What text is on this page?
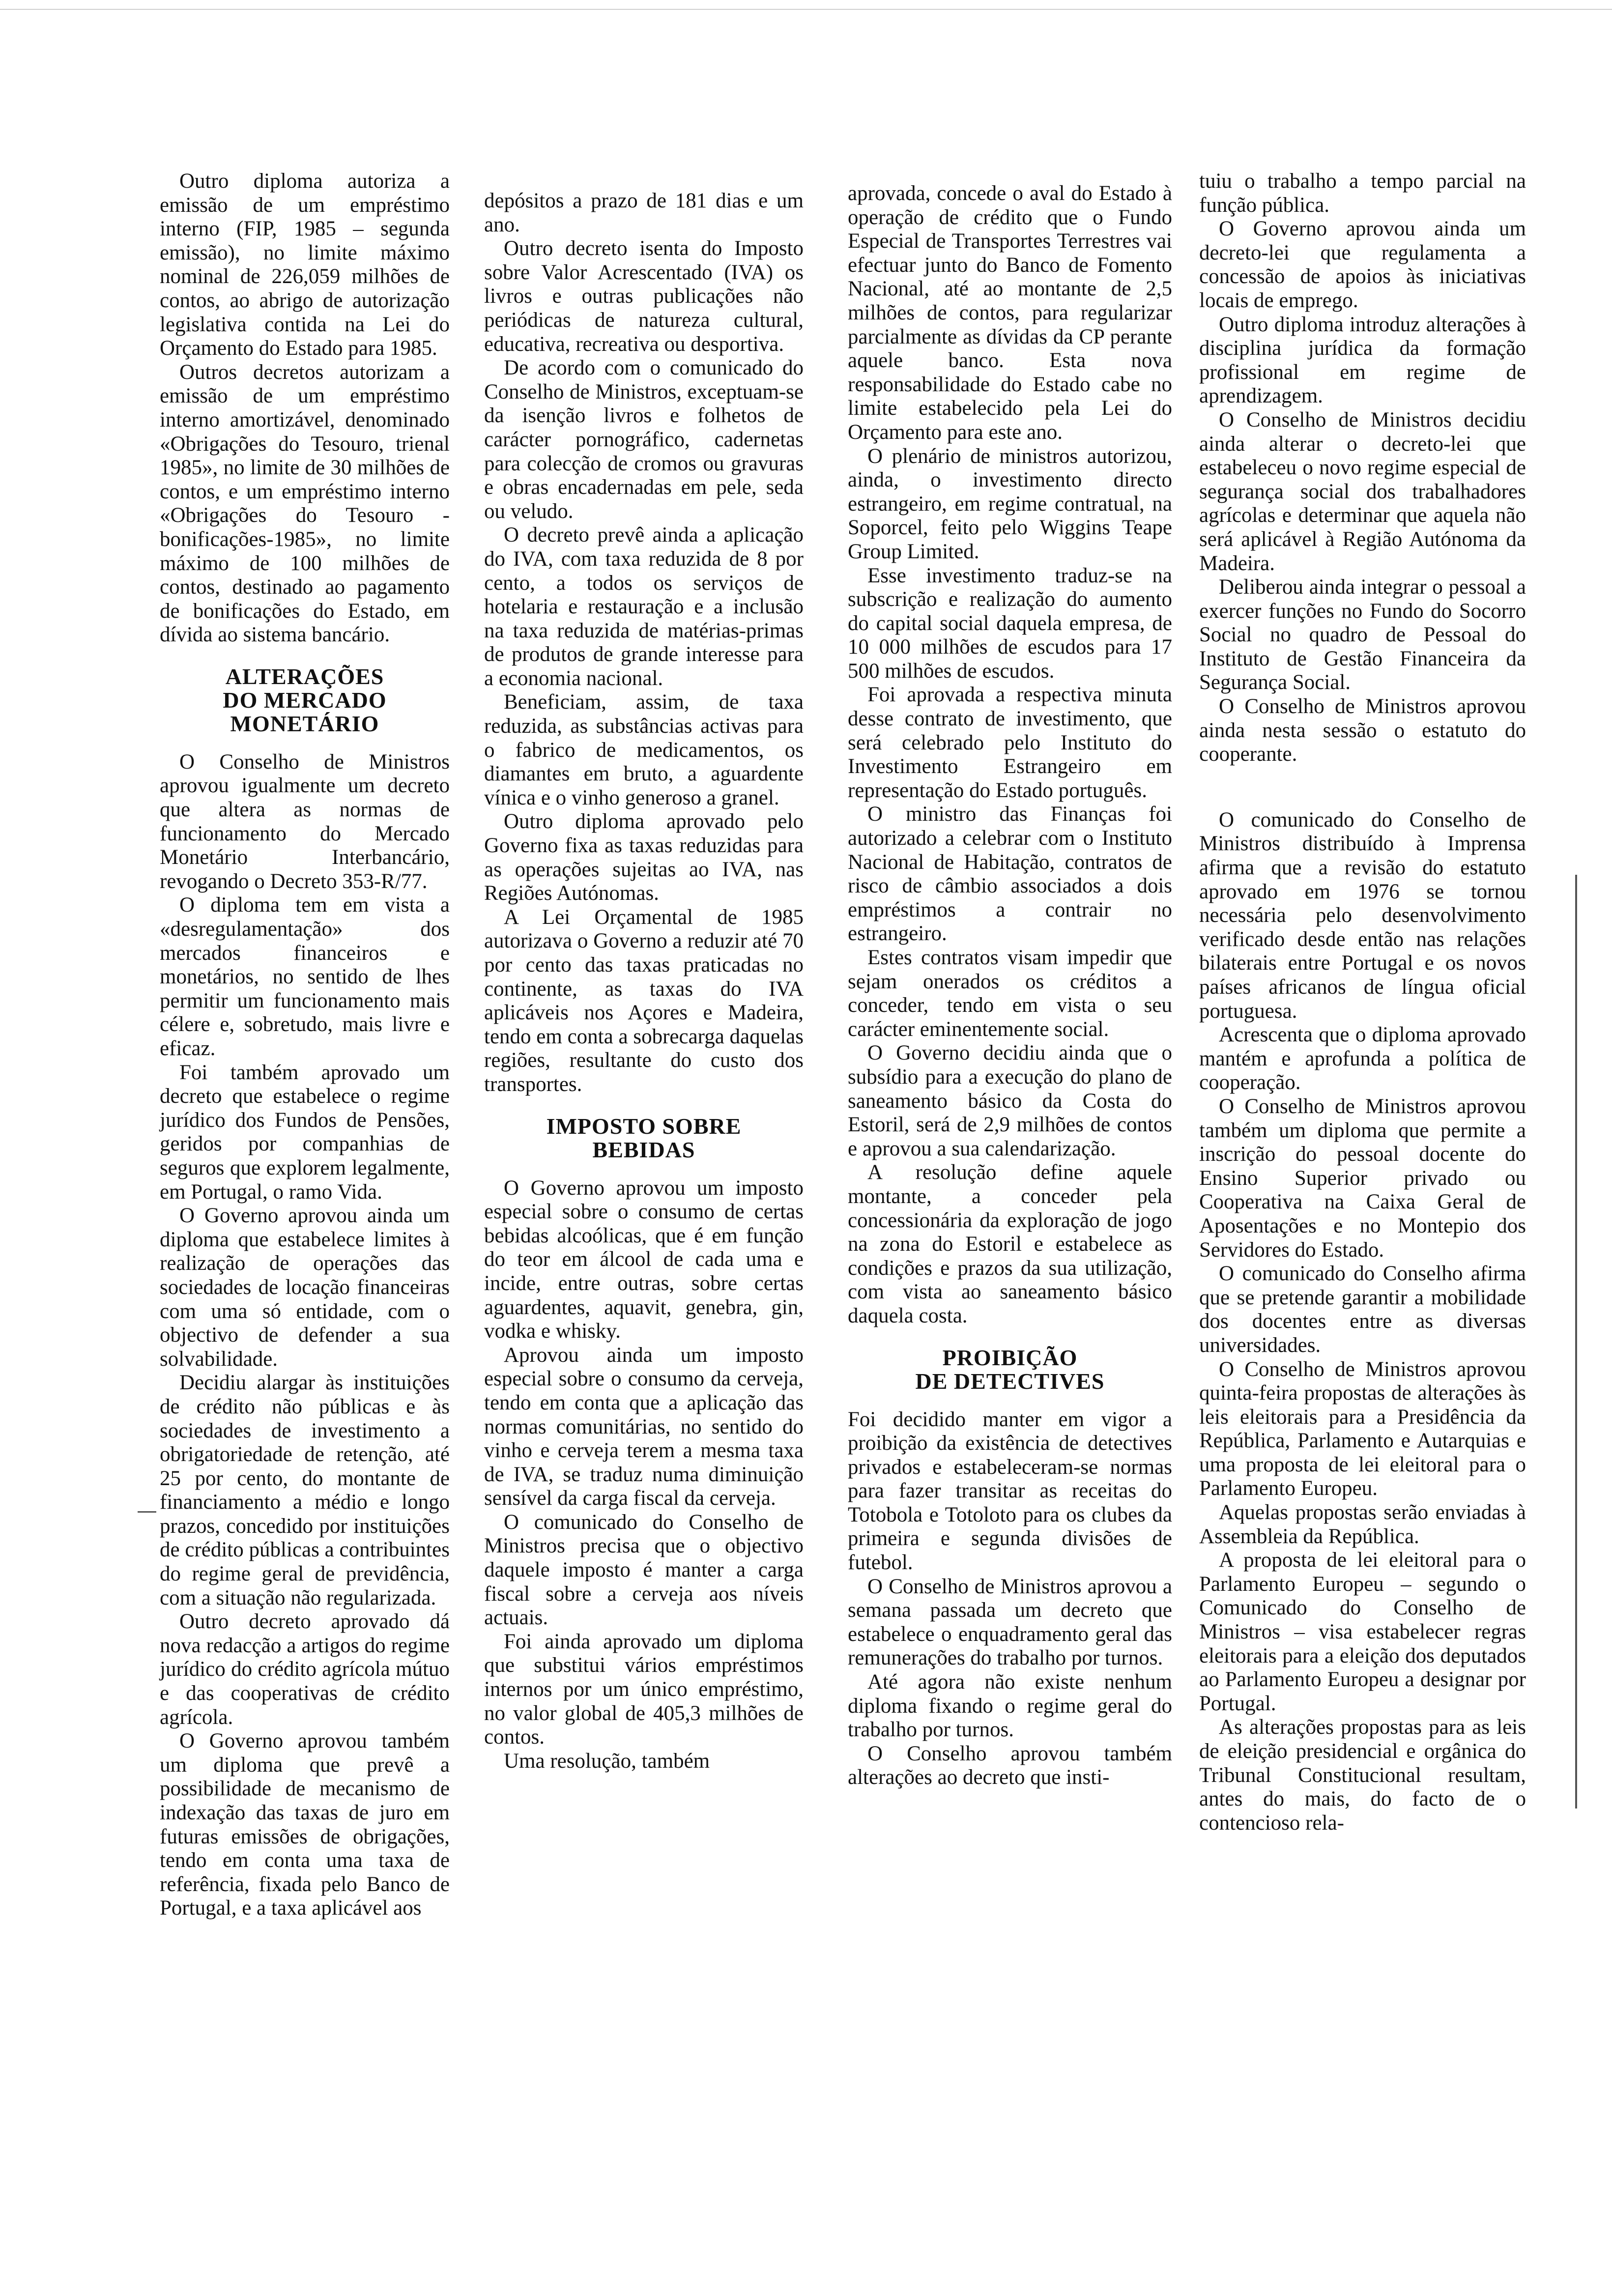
Outro diploma autoriza a emissão de um empréstimo interno (FIP, 1985 – segunda emissão), no limite máximo nominal de 226,059 milhões de contos, ao abrigo de autorização legislativa contida na Lei do Orçamento do Estado para 1985.

Outros decretos autorizam a emissão de um empréstimo interno amortizável, denominado «Obrigações do Tesouro, trienal 1985», no limite de 30 milhões de contos, e um empréstimo interno «Obrigações do Tesouro - bonificações-1985», no limite máximo de 100 milhões de contos, destinado ao pagamento de bonificações do Estado, em dívida ao sistema bancário.

ALTERAÇÕES
DO MERCADO
MONETÁRIO

O Conselho de Ministros aprovou igualmente um decreto que altera as normas de funcionamento do Mercado Monetário Interbancário, revogando o Decreto 353-R/77.

O diploma tem em vista a «desregulamentação» dos mercados financeiros e monetários, no sentido de lhes permitir um funcionamento mais célere e, sobretudo, mais livre e eficaz.

Foi também aprovado um decreto que estabelece o regime jurídico dos Fundos de Pensões, geridos por companhias de seguros que explorem legalmente, em Portugal, o ramo Vida.

O Governo aprovou ainda um diploma que estabelece limites à realização de operações das sociedades de locação financeiras com uma só entidade, com o objectivo de defender a sua solvabilidade.

Decidiu alargar às instituições de crédito não públicas e às sociedades de investimento a obrigatoriedade de retenção, até 25 por cento, do montante de financiamento a médio e longo prazos, concedido por instituições de crédito públicas a contribuintes do regime geral de previdência, com a situação não regularizada.

Outro decreto aprovado dá nova redacção a artigos do regime jurídico do crédito agrícola mútuo e das cooperativas de crédito agrícola.

O Governo aprovou também um diploma que prevê a possibilidade de mecanismo de indexação das taxas de juro em futuras emissões de obrigações, tendo em conta uma taxa de referência, fixada pelo Banco de Portugal, e a taxa aplicável aos

depósitos a prazo de 181 dias e um ano.

Outro decreto isenta do Imposto sobre Valor Acrescentado (IVA) os livros e outras publicações não periódicas de natureza cultural, educativa, recreativa ou desportiva.

De acordo com o comunicado do Conselho de Ministros, exceptuam-se da isenção livros e folhetos de carácter pornográfico, cadernetas para colecção de cromos ou gravuras e obras encadernadas em pele, seda ou veludo.

O decreto prevê ainda a aplicação do IVA, com taxa reduzida de 8 por cento, a todos os serviços de hotelaria e restauração e a inclusão na taxa reduzida de matérias-primas de produtos de grande interesse para a economia nacional.

Beneficiam, assim, de taxa reduzida, as substâncias activas para o fabrico de medicamentos, os diamantes em bruto, a aguardente vínica e o vinho generoso a granel.

Outro diploma aprovado pelo Governo fixa as taxas reduzidas para as operações sujeitas ao IVA, nas Regiões Autónomas.

A Lei Orçamental de 1985 autorizava o Governo a reduzir até 70 por cento das taxas praticadas no continente, as taxas do IVA aplicáveis nos Açores e Madeira, tendo em conta a sobrecarga daquelas regiões, resultante do custo dos transportes.

IMPOSTO SOBRE
BEBIDAS

O Governo aprovou um imposto especial sobre o consumo de certas bebidas alcoólicas, que é em função do teor em álcool de cada uma e incide, entre outras, sobre certas aguardentes, aquavit, genebra, gin, vodka e whisky.

Aprovou ainda um imposto especial sobre o consumo da cerveja, tendo em conta que a aplicação das normas comunitárias, no sentido do vinho e cerveja terem a mesma taxa de IVA, se traduz numa diminuição sensível da carga fiscal da cerveja.

O comunicado do Conselho de Ministros precisa que o objectivo daquele imposto é manter a carga fiscal sobre a cerveja aos níveis actuais.

Foi ainda aprovado um diploma que substitui vários empréstimos internos por um único empréstimo, no valor global de 405,3 milhões de contos.

Uma resolução, também

aprovada, concede o aval do Estado à operação de crédito que o Fundo Especial de Transportes Terrestres vai efectuar junto do Banco de Fomento Nacional, até ao montante de 2,5 milhões de contos, para regularizar parcialmente as dívidas da CP perante aquele banco. Esta nova responsabilidade do Estado cabe no limite estabelecido pela Lei do Orçamento para este ano.

O plenário de ministros autorizou, ainda, o investimento directo estrangeiro, em regime contratual, na Soporcel, feito pelo Wiggins Teape Group Limited.

Esse investimento traduz-se na subscrição e realização do aumento do capital social daquela empresa, de 10 000 milhões de escudos para 17 500 milhões de escudos.

Foi aprovada a respectiva minuta desse contrato de investimento, que será celebrado pelo Instituto do Investimento Estrangeiro em representação do Estado português.

O ministro das Finanças foi autorizado a celebrar com o Instituto Nacional de Habitação, contratos de risco de câmbio associados a dois empréstimos a contrair no estrangeiro.

Estes contratos visam impedir que sejam onerados os créditos a conceder, tendo em vista o seu carácter eminentemente social.

O Governo decidiu ainda que o subsídio para a execução do plano de saneamento básico da Costa do Estoril, será de 2,9 milhões de contos e aprovou a sua calendarização.

A resolução define aquele montante, a conceder pela concessionária da exploração de jogo na zona do Estoril e estabelece as condições e prazos da sua utilização, com vista ao saneamento básico daquela costa.

PROIBIÇÃO
DE DETECTIVES

Foi decidido manter em vigor a proibição da existência de detectives privados e estabeleceram-se normas para fazer transitar as receitas do Totobola e Totoloto para os clubes da primeira e segunda divisões de futebol.

O Conselho de Ministros aprovou a semana passada um decreto que estabelece o enquadramento geral das remunerações do trabalho por turnos.

Até agora não existe nenhum diploma fixando o regime geral do trabalho por turnos.

O Conselho aprovou também alterações ao decreto que insti-

tuiu o trabalho a tempo parcial na função pública.

O Governo aprovou ainda um decreto-lei que regulamenta a concessão de apoios às iniciativas locais de emprego.

Outro diploma introduz alterações à disciplina jurídica da formação profissional em regime de aprendizagem.

O Conselho de Ministros decidiu ainda alterar o decreto-lei que estabeleceu o novo regime especial de segurança social dos trabalhadores agrícolas e determinar que aquela não será aplicável à Região Autónoma da Madeira.

Deliberou ainda integrar o pessoal a exercer funções no Fundo do Socorro Social no quadro de Pessoal do Instituto de Gestão Financeira da Segurança Social.

O Conselho de Ministros aprovou ainda nesta sessão o estatuto do cooperante.

O comunicado do Conselho de Ministros distribuído à Imprensa afirma que a revisão do estatuto aprovado em 1976 se tornou necessária pelo desenvolvimento verificado desde então nas relações bilaterais entre Portugal e os novos países africanos de língua oficial portuguesa.

Acrescenta que o diploma aprovado mantém e aprofunda a política de cooperação.

O Conselho de Ministros aprovou também um diploma que permite a inscrição do pessoal docente do Ensino Superior privado ou Cooperativa na Caixa Geral de Aposentações e no Montepio dos Servidores do Estado.

O comunicado do Conselho afirma que se pretende garantir a mobilidade dos docentes entre as diversas universidades.

O Conselho de Ministros aprovou quinta-feira propostas de alterações às leis eleitorais para a Presidência da República, Parlamento e Autarquias e uma proposta de lei eleitoral para o Parlamento Europeu.

Aquelas propostas serão enviadas à Assembleia da República.

A proposta de lei eleitoral para o Parlamento Europeu – segundo o Comunicado do Conselho de Ministros – visa estabelecer regras eleitorais para a eleição dos deputados ao Parlamento Europeu a designar por Portugal.

As alterações propostas para as leis de eleição presidencial e orgânica do Tribunal Constitucional resultam, antes do mais, do facto de o contencioso rela-
